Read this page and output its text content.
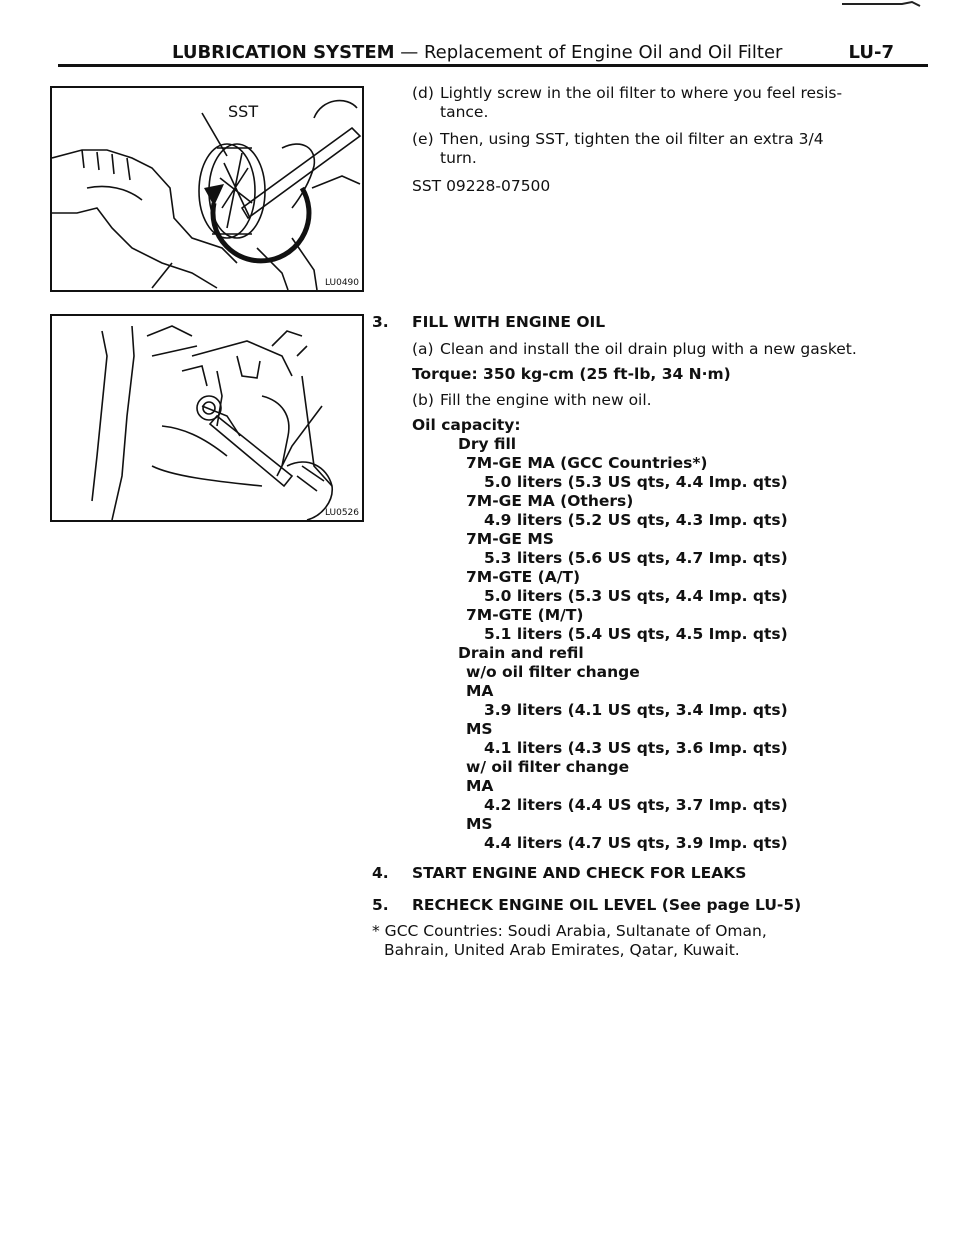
LUBRICATION SYSTEM — Replacement of Engine Oil and Oil Filter	LU-7
SST
LU0490
LU0526
(d) Lightly screw in the oil filter to where you feel resis-
tance.
(e) Then, using SST, tighten the oil filter an extra 3/4
turn.
SST 09228-07500
3. FILL WITH ENGINE OIL
(a) Clean and install the oil drain plug with a new gasket.
Torque: 350 kg-cm (25 ft-lb, 34 N·m)
(b) Fill the engine with new oil.
Oil capacity:
Dry fill
7M-GE MA (GCC Countries*)
5.0 liters (5.3 US qts, 4.4 Imp. qts)
7M-GE MA (Others)
4.9 liters (5.2 US qts, 4.3 Imp. qts)
7M-GE MS
5.3 liters (5.6 US qts, 4.7 Imp. qts)
7M-GTE (A/T)
5.0 liters (5.3 US qts, 4.4 Imp. qts)
7M-GTE (M/T)
5.1 liters (5.4 US qts, 4.5 Imp. qts)
Drain and refil
w/o oil filter change
MA
3.9 liters (4.1 US qts, 3.4 Imp. qts)
MS
4.1 liters (4.3 US qts, 3.6 Imp. qts)
w/ oil filter change
MA
4.2 liters (4.4 US qts, 3.7 Imp. qts)
MS
4.4 liters (4.7 US qts, 3.9 Imp. qts)
4. START ENGINE AND CHECK FOR LEAKS
5. RECHECK ENGINE OIL LEVEL (See page LU-5)
* GCC Countries: Soudi Arabia, Sultanate of Oman,
Bahrain, United Arab Emirates, Qatar, Kuwait.
